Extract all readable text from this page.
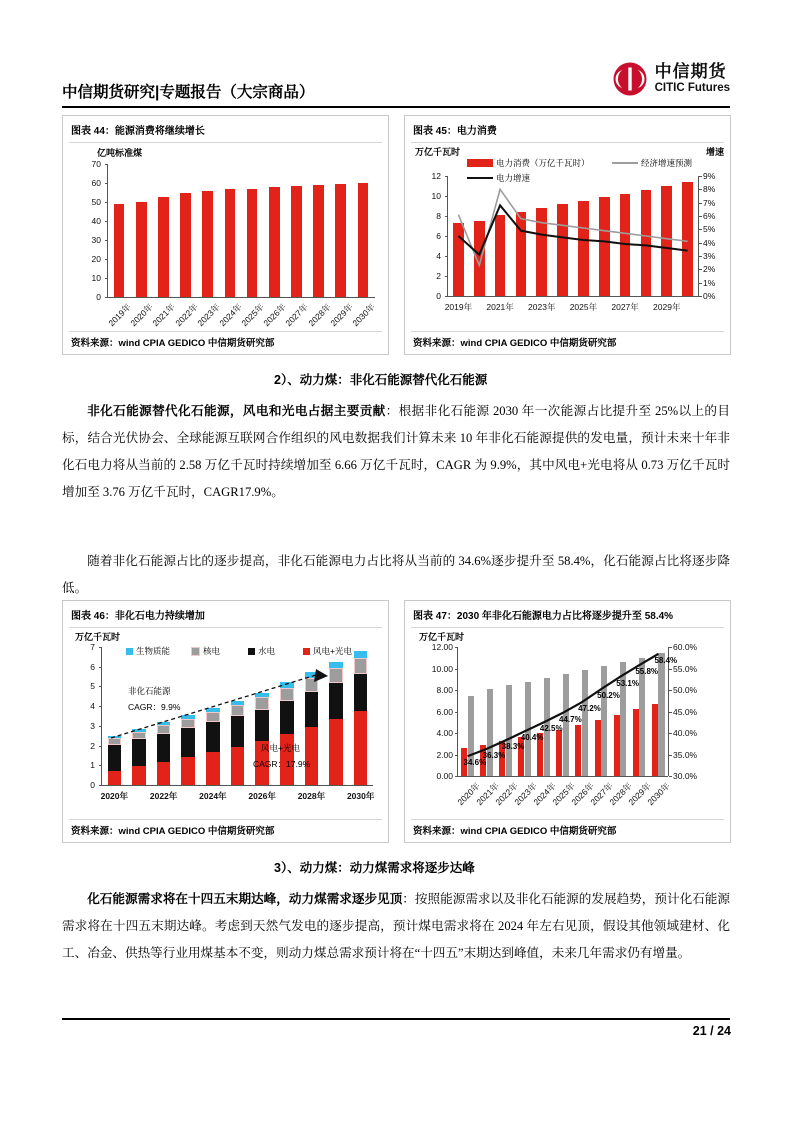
中信期货研究|专题报告（大宗商品）
中信期货
CITIC Futures
图表 44：能源消费将继续增长
亿吨标准煤
0
10
20
30
40
50
60
70
2019年
2020年
2021年
2022年
2023年
2024年
2025年
2026年
2027年
2028年
2029年
2030年
资料来源：wind CPIA GEDICO 中信期货研究部
图表 45：电力消费
万亿千瓦时	增速
电力消费（万亿千瓦时）	经济增速预测
电力增速
0
2
4
6
8
10
12
0%
1%
2%
3%
4%
5%
6%
7%
8%
9%
2019年 2021年 2023年 2025年 2027年 2029年
资料来源：wind CPIA GEDICO 中信期货研究部
2）、动力煤：非化石能源替代化石能源
非化石能源替代化石能源，风电和光电占据主要贡献：根据非化石能源 2030 年一次能源占比提升至 25%以上的目标，结合光伏协会、全球能源互联网合作组织的风电数据我们计算未来 10 年非化石能源提供的发电量，预计未来十年非化石电力将从当前的 2.58 万亿千瓦时持续增加至 6.66 万亿千瓦时，CAGR 为 9.9%，其中风电+光电将从 0.73 万亿千瓦时增加至 3.76 万亿千瓦时，CAGR17.9%。
随着非化石能源占比的逐步提高，非化石能源电力占比将从当前的 34.6%逐步提升至 58.4%，化石能源占比将逐步降低。
图表 46：非化石电力持续增加
万亿千瓦时
生物质能	核电	水电	风电+光电
0
1
2
3
4
5
6
7
非化石能源
CAGR：9.9%
风电+光电
CAGR：17.9%
2020年	2022年	2024年	2026年	2028年	2030年
资料来源：wind CPIA GEDICO 中信期货研究部
图表 47：2030 年非化石能源电力占比将逐步提升至 58.4%
万亿千瓦时
0.00
2.00
4.00
6.00
8.00
10.00
12.00
30.0%
35.0%
40.0%
45.0%
50.0%
55.0%
60.0%
34.6%
36.3%
38.3%
40.4%
42.5%
44.7%
47.2%
50.2%
53.1%
55.8%
58.4%
2020年
2021年
2022年
2023年
2024年
2025年
2026年
2027年
2028年
2029年
2030年
资料来源：wind CPIA GEDICO 中信期货研究部
3）、动力煤：动力煤需求将逐步达峰
化石能源需求将在十四五末期达峰，动力煤需求逐步见顶：按照能源需求以及非化石能源的发展趋势，预计化石能源需求将在十四五末期达峰。考虑到天然气发电的逐步提高，预计煤电需求将在 2024 年左右见顶，假设其他领域建材、化工、冶金、供热等行业用煤基本不变，则动力煤总需求预计将在“十四五”末期达到峰值，未来几年需求仍有增量。
21 / 24
